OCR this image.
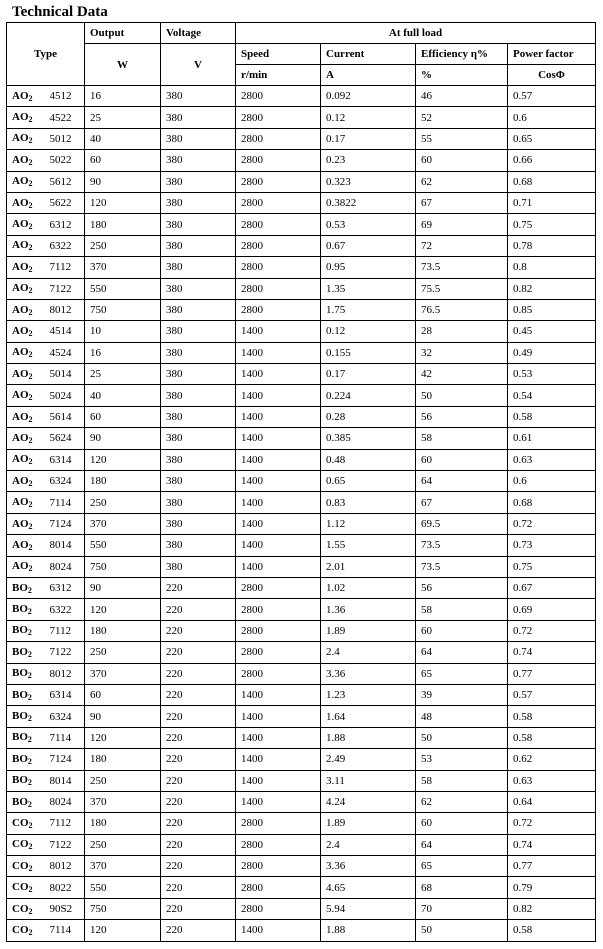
Technical Data
Type		Output	Voltage	At full load			
		W	V	Speed	Current	Efficiency η%	Power factor
				r/min	A	%	CosΦ
$AO_2$	4512	16	380	2800	0.092	46	0.57
$AO_2$	4522	25	380	2800	0.12	52	0.6
$AO_2$	5012	40	380	2800	0.17	55	0.65
$AO_2$	5022	60	380	2800	0.23	60	0.66
$AO_2$	5612	90	380	2800	0.323	62	0.68
$AO_2$	5622	120	380	2800	0.3822	67	0.71
$AO_2$	6312	180	380	2800	0.53	69	0.75
$AO_2$	6322	250	380	2800	0.67	72	0.78
$AO_2$	7112	370	380	2800	0.95	73.5	0.8
$AO_2$	7122	550	380	2800	1.35	75.5	0.82
$AO_2$	8012	750	380	2800	1.75	76.5	0.85
$AO_2$	4514	10	380	1400	0.12	28	0.45
$AO_2$	4524	16	380	1400	0.155	32	0.49
$AO_2$	5014	25	380	1400	0.17	42	0.53
$AO_2$	5024	40	380	1400	0.224	50	0.54
$AO_2$	5614	60	380	1400	0.28	56	0.58
$AO_2$	5624	90	380	1400	0.385	58	0.61
$AO_2$	6314	120	380	1400	0.48	60	0.63
$AO_2$	6324	180	380	1400	0.65	64	0.6
$AO_2$	7114	250	380	1400	0.83	67	0.68
$AO_2$	7124	370	380	1400	1.12	69.5	0.72
$AO_2$	8014	550	380	1400	1.55	73.5	0.73
$AO_2$	8024	750	380	1400	2.01	73.5	0.75
$BO_2$	6312	90	220	2800	1.02	56	0.67
$BO_2$	6322	120	220	2800	1.36	58	0.69
$BO_2$	7112	180	220	2800	1.89	60	0.72
$BO_2$	7122	250	220	2800	2.4	64	0.74
$BO_2$	8012	370	220	2800	3.36	65	0.77
$BO_2$	6314	60	220	1400	1.23	39	0.57
$BO_2$	6324	90	220	1400	1.64	48	0.58
$BO_2$	7114	120	220	1400	1.88	50	0.58
$BO_2$	7124	180	220	1400	2.49	53	0.62
$BO_2$	8014	250	220	1400	3.11	58	0.63
$BO_2$	8024	370	220	1400	4.24	62	0.64
$CO_2$	7112	180	220	2800	1.89	60	0.72
$CO_2$	7122	250	220	2800	2.4	64	0.74
$CO_2$	8012	370	220	2800	3.36	65	0.77
$CO_2$	8022	550	220	2800	4.65	68	0.79
$CO_2$	90S2	750	220	2800	5.94	70	0.82
$CO_2$	7114	120	220	1400	1.88	50	0.58
